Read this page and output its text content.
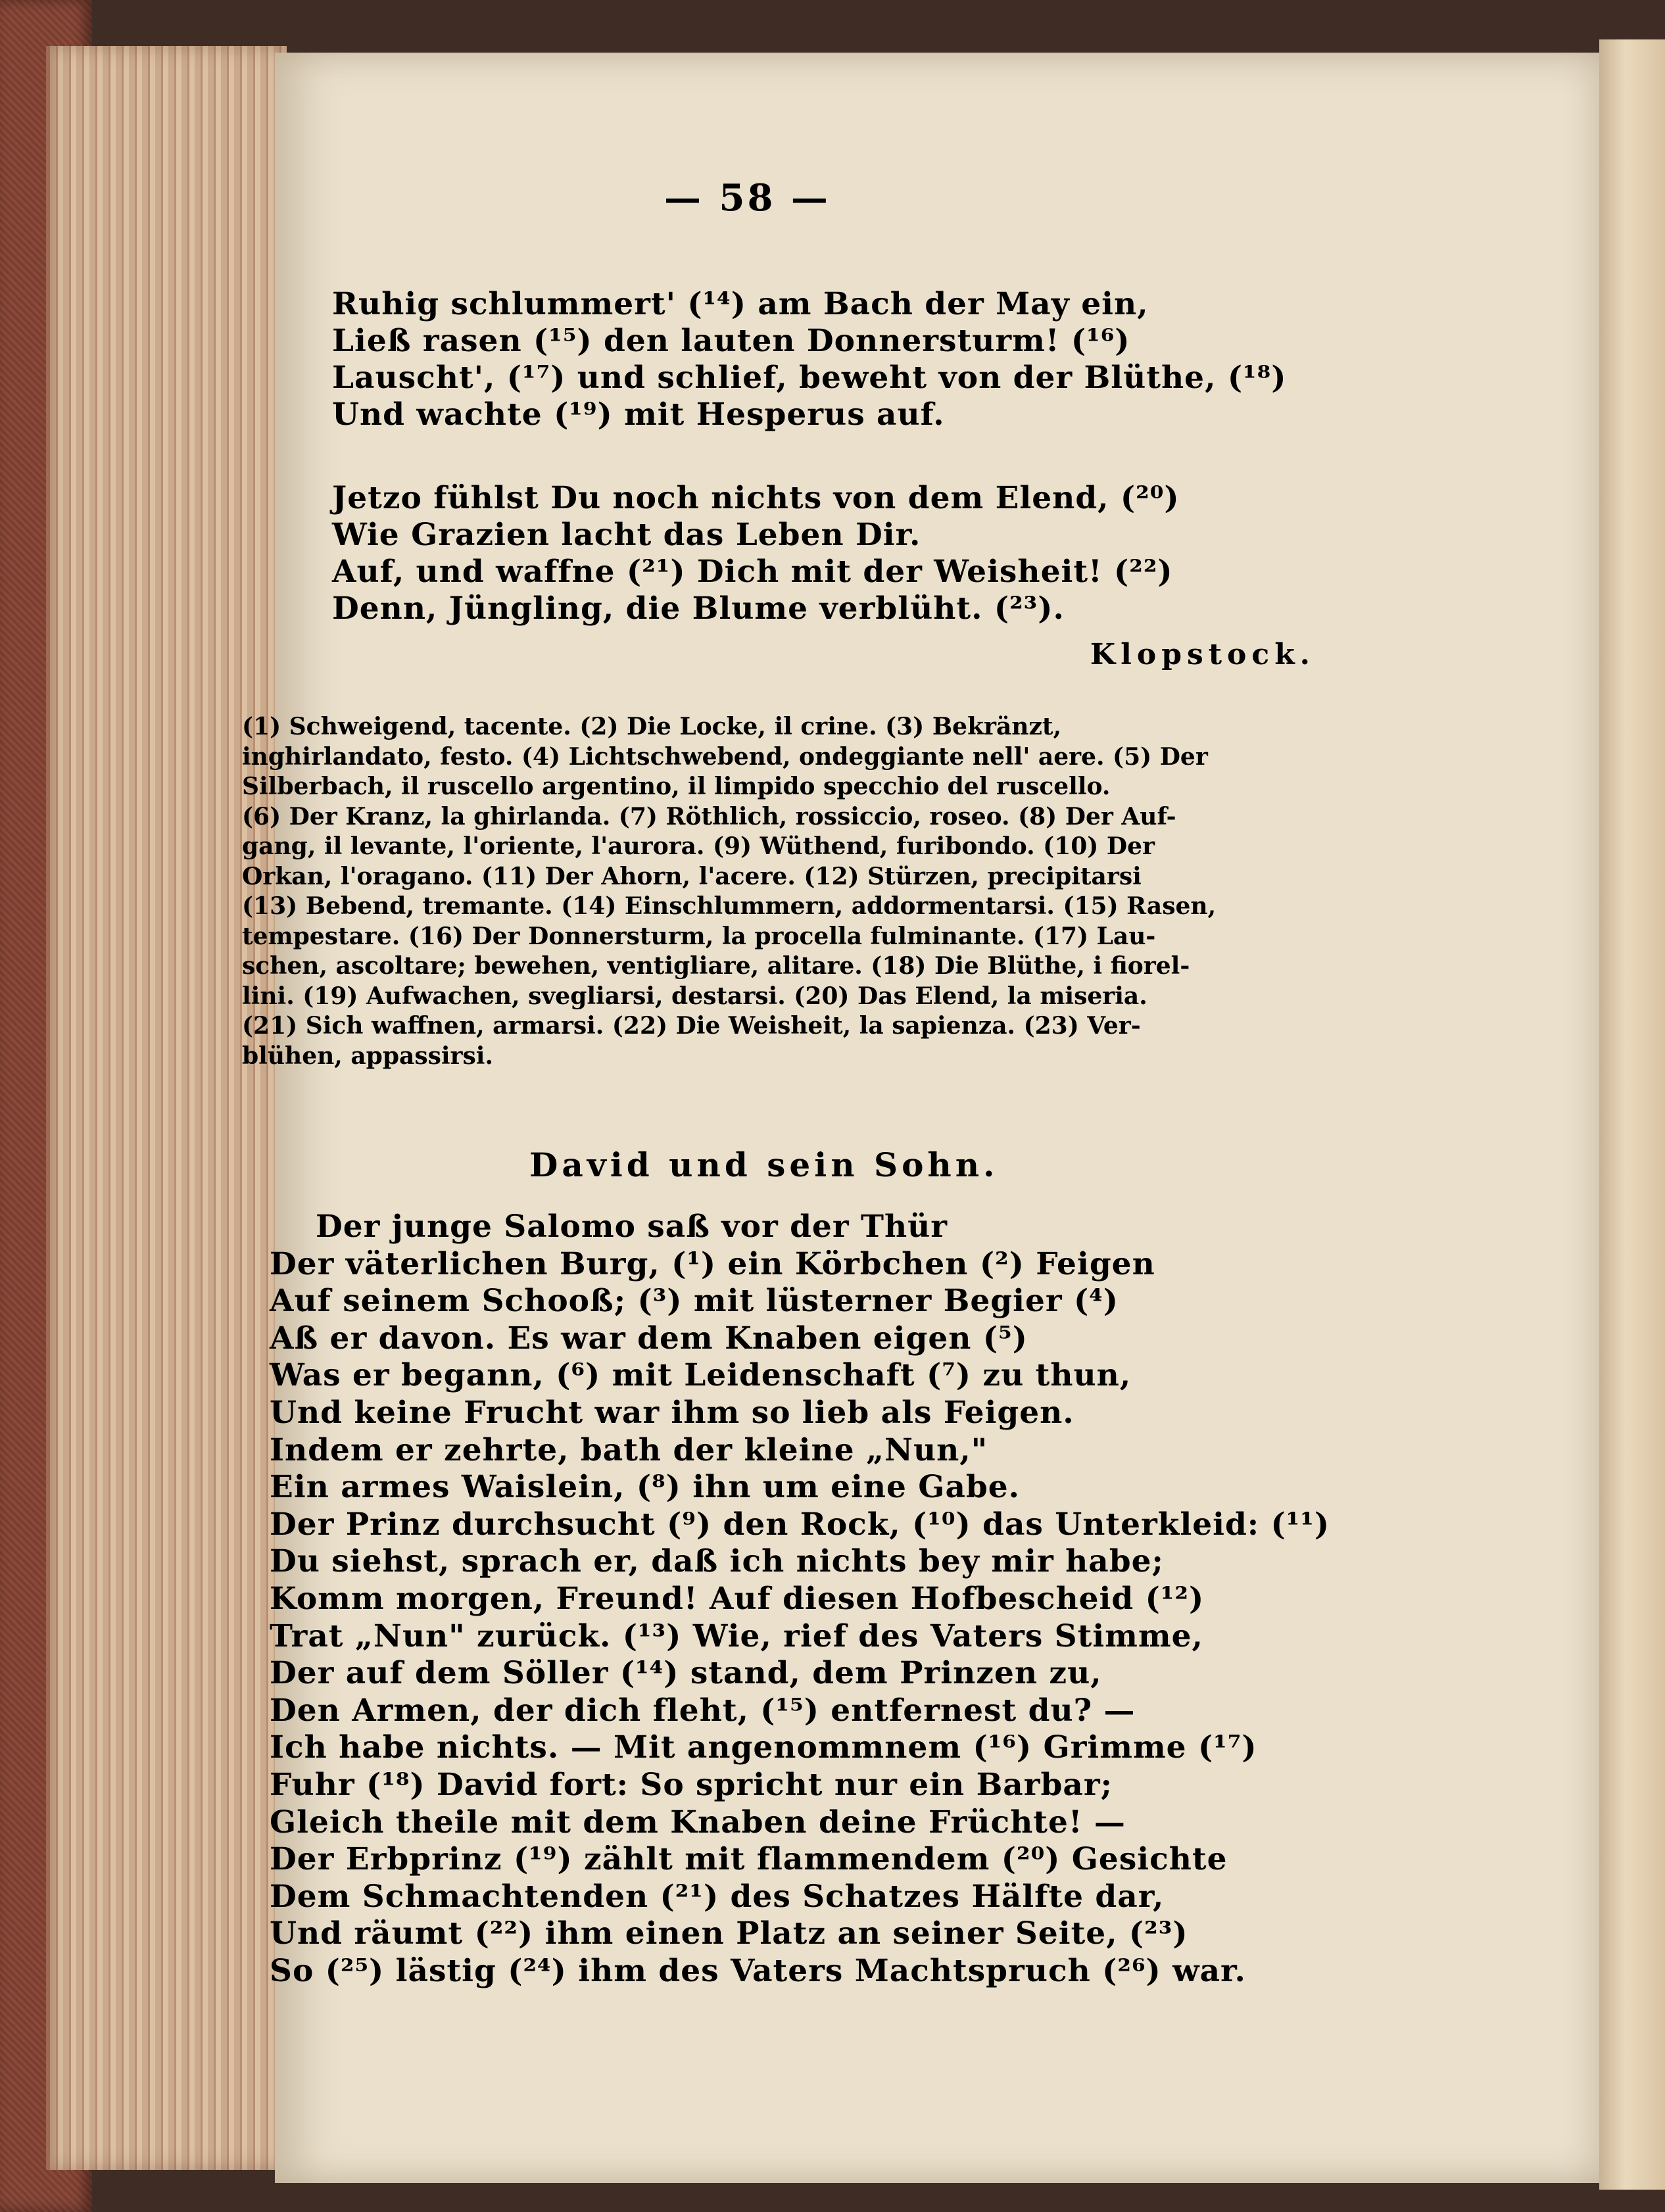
— 58 —
Ruhig schlummert' (¹⁴) am Bach der May ein,
Ließ rasen (¹⁵) den lauten Donnersturm! (¹⁶)
Lauscht', (¹⁷) und schlief, beweht von der Blüthe, (¹⁸)
Und wachte (¹⁹) mit Hesperus auf.
Jetzo fühlst Du noch nichts von dem Elend, (²⁰)
Wie Grazien lacht das Leben Dir.
Auf, und waffne (²¹) Dich mit der Weisheit! (²²)
Denn, Jüngling, die Blume verblüht. (²³).
Klopstock.
(1) Schweigend, tacente. (2) Die Locke, il crine. (3) Bekränzt,
inghirlandato, festo. (4) Lichtschwebend, ondeggiante nell' aere. (5) Der
Silberbach, il ruscello argentino, il limpido specchio del ruscello.
(6) Der Kranz, la ghirlanda. (7) Röthlich, rossiccio, roseo. (8) Der Auf-
gang, il levante, l'oriente, l'aurora. (9) Wüthend, furibondo. (10) Der
Orkan, l'oragano. (11) Der Ahorn, l'acere. (12) Stürzen, precipitarsi
(13) Bebend, tremante. (14) Einschlummern, addormentarsi. (15) Rasen,
tempestare. (16) Der Donnersturm, la procella fulminante. (17) Lau-
schen, ascoltare; bewehen, ventigliare, alitare. (18) Die Blüthe, i fiorel-
lini. (19) Aufwachen, svegliarsi, destarsi. (20) Das Elend, la miseria.
(21) Sich waffnen, armarsi. (22) Die Weisheit, la sapienza. (23) Ver-
blühen, appassirsi.
David und sein Sohn.
Der junge Salomo saß vor der Thür
Der väterlichen Burg, (¹) ein Körbchen (²) Feigen
Auf seinem Schooß; (³) mit lüsterner Begier (⁴)
Aß er davon. Es war dem Knaben eigen (⁵)
Was er begann, (⁶) mit Leidenschaft (⁷) zu thun,
Und keine Frucht war ihm so lieb als Feigen.
Indem er zehrte, bath der kleine „Nun,"
Ein armes Waislein, (⁸) ihn um eine Gabe.
Der Prinz durchsucht (⁹) den Rock, (¹⁰) das Unterkleid: (¹¹)
Du siehst, sprach er, daß ich nichts bey mir habe;
Komm morgen, Freund! Auf diesen Hofbescheid (¹²)
Trat „Nun" zurück. (¹³) Wie, rief des Vaters Stimme,
Der auf dem Söller (¹⁴) stand, dem Prinzen zu,
Den Armen, der dich fleht, (¹⁵) entfernest du? —
Ich habe nichts. — Mit angenommnem (¹⁶) Grimme (¹⁷)
Fuhr (¹⁸) David fort: So spricht nur ein Barbar;
Gleich theile mit dem Knaben deine Früchte! —
Der Erbprinz (¹⁹) zählt mit flammendem (²⁰) Gesichte
Dem Schmachtenden (²¹) des Schatzes Hälfte dar,
Und räumt (²²) ihm einen Platz an seiner Seite, (²³)
So (²⁵) lästig (²⁴) ihm des Vaters Machtspruch (²⁶) war.
